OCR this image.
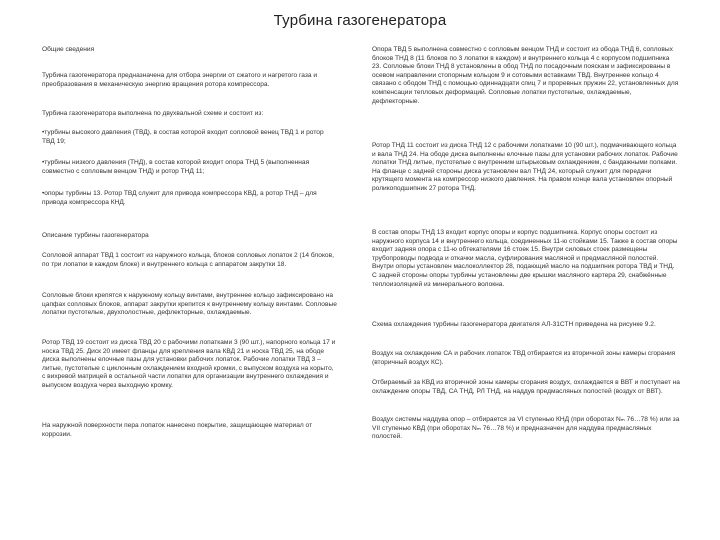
Турбина газогенератора

Общие сведения

Турбина газогенератора предназначена для отбора энергии от сжатого и нагретого газа и преобразования в механическую энергию вращения ротора компрессора.

Турбина газогенератора выполнена по двухвальной схеме и состоит из:

•турбины высокого давления (ТВД), в состав которой входит сопловой венец ТВД 1 и ротор ТВД 19;

•турбины низкого давления (ТНД), в состав которой входит опора ТНД 5 (выполненная совместно с сопловым венцом ТНД) и ротор ТНД 11;

•опоры турбины 13. Ротор ТВД служит для привода компрессора КВД, а ротор ТНД – для привода компрессора КНД.

Описание турбины газогенератора

Сопловой аппарат ТВД 1 состоит из наружного кольца, блоков сопловых лопаток 2 (14 блоков, по три лопатки в каждом блоке) и внутреннего кольца с аппаратом закрутки 18.

Сопловые блоки крепятся к наружному кольцу винтами, внутреннее кольцо зафиксировано на цапфах сопловых блоков, аппарат закрутки крепится к внутреннему кольцу винтами. Сопловые лопатки пустотелые, двухполостные, дефлекторные, охлаждаемые.

Ротор ТВД 19 состоит из диска ТВД 20 с рабочими лопатками 3 (90 шт.), напорного кольца 17 и носка ТВД 25. Диск 20 имеет фланцы для крепления вала КВД 21 и носка ТВД 25, на ободе диска выполнены елочные пазы для установки рабочих лопаток. Рабочие лопатки ТВД 3 – литые, пустотелые с циклонным охлаждением входной кромки, с выпуском воздуха на корыто, с вихревой матрицей в остальной части лопатки для организации внутреннего охлаждения и выпуском воздуха через выходную кромку.

На наружной поверхности пера лопаток нанесено покрытие, защищающее материал от коррозии.

Опора ТВД 5 выполнена совместно с сопловым венцом ТНД и состоит из обода ТНД 6, сопловых блоков ТНД 8 (11 блоков по 3 лопатки в каждом) и внутреннего кольца 4 с корпусом подшипника 23. Сопловые блоки ТНД 8 установлены в обод ТНД по посадочным пояскам и зафиксированы в осевом направлении стопорным кольцом 9 и сотовыми вставками ТВД. Внутреннее кольцо 4 связано с ободом ТНД с помощью одиннадцати спиц 7 и проревных пружин 22, установленных для компенсации тепловых деформаций. Сопловые лопатки пустотелые, охлаждаемые, дефлекторные.

Ротор ТНД 11 состоит из диска ТНД 12 с рабочими лопатками 10 (90 шт.), подмачивающего кольца и вала ТНД 24. На ободе диска выполнены елочные пазы для установки рабочих лопаток. Рабочие лопатки ТНД литые, пустотелые с внутренним штырьковым охлаждением, с бандажными полками. На фланце с задней стороны диска установлен вал ТНД 24, который служит для передачи крутящего момента на компрессор низкого давления. На правом конце вала установлен опорный роликоподшипник 27 ротора ТНД.

В состав опоры ТНД 13 входит корпус опоры и корпус подшипника. Корпус опоры состоит из наружного корпуса 14 и внутреннего кольца, соединенных 11-ю стойками 15. Также в состав опоры входит задняя опора с 11-ю обтекателями 16 стоек 15. Внутри силовых стоек размещены трубопроводы подвода и откачки масла, суфлирования масляной и предмасляной полостей. Внутри опоры установлен маслоколлектор 28, подающий масло на подшипник ротора ТВД и ТНД. С задней стороны опоры турбины установлены две крышки масляного картера 29, снабжённые теплоизоляцией из минерального волокна.

Схема охлаждения турбины газогенератора двигателя АЛ-31СТН приведена на рисунке 9.2.

Воздух на охлаждение СА и рабочих лопаток ТВД отбирается из вторичной зоны камеры сгорания (вторичный воздух КС).

Отбираемый за КВД из вторичной зоны камеры сгорания воздух, охлаждается в ВВТ и поступает на охлаждение опоры ТВД, СА ТНД, РЛ ТНД, на наддув предмасляных полостей (воздух от ВВТ).

Воздух системы наддува опор – отбирается за VI ступенью КНД (при оборотах Nₘ 76…78 %) или за VII ступенью КВД (при оборотах Nₘ 76…78 %) и предназначен для наддува предмасляных полостей.
